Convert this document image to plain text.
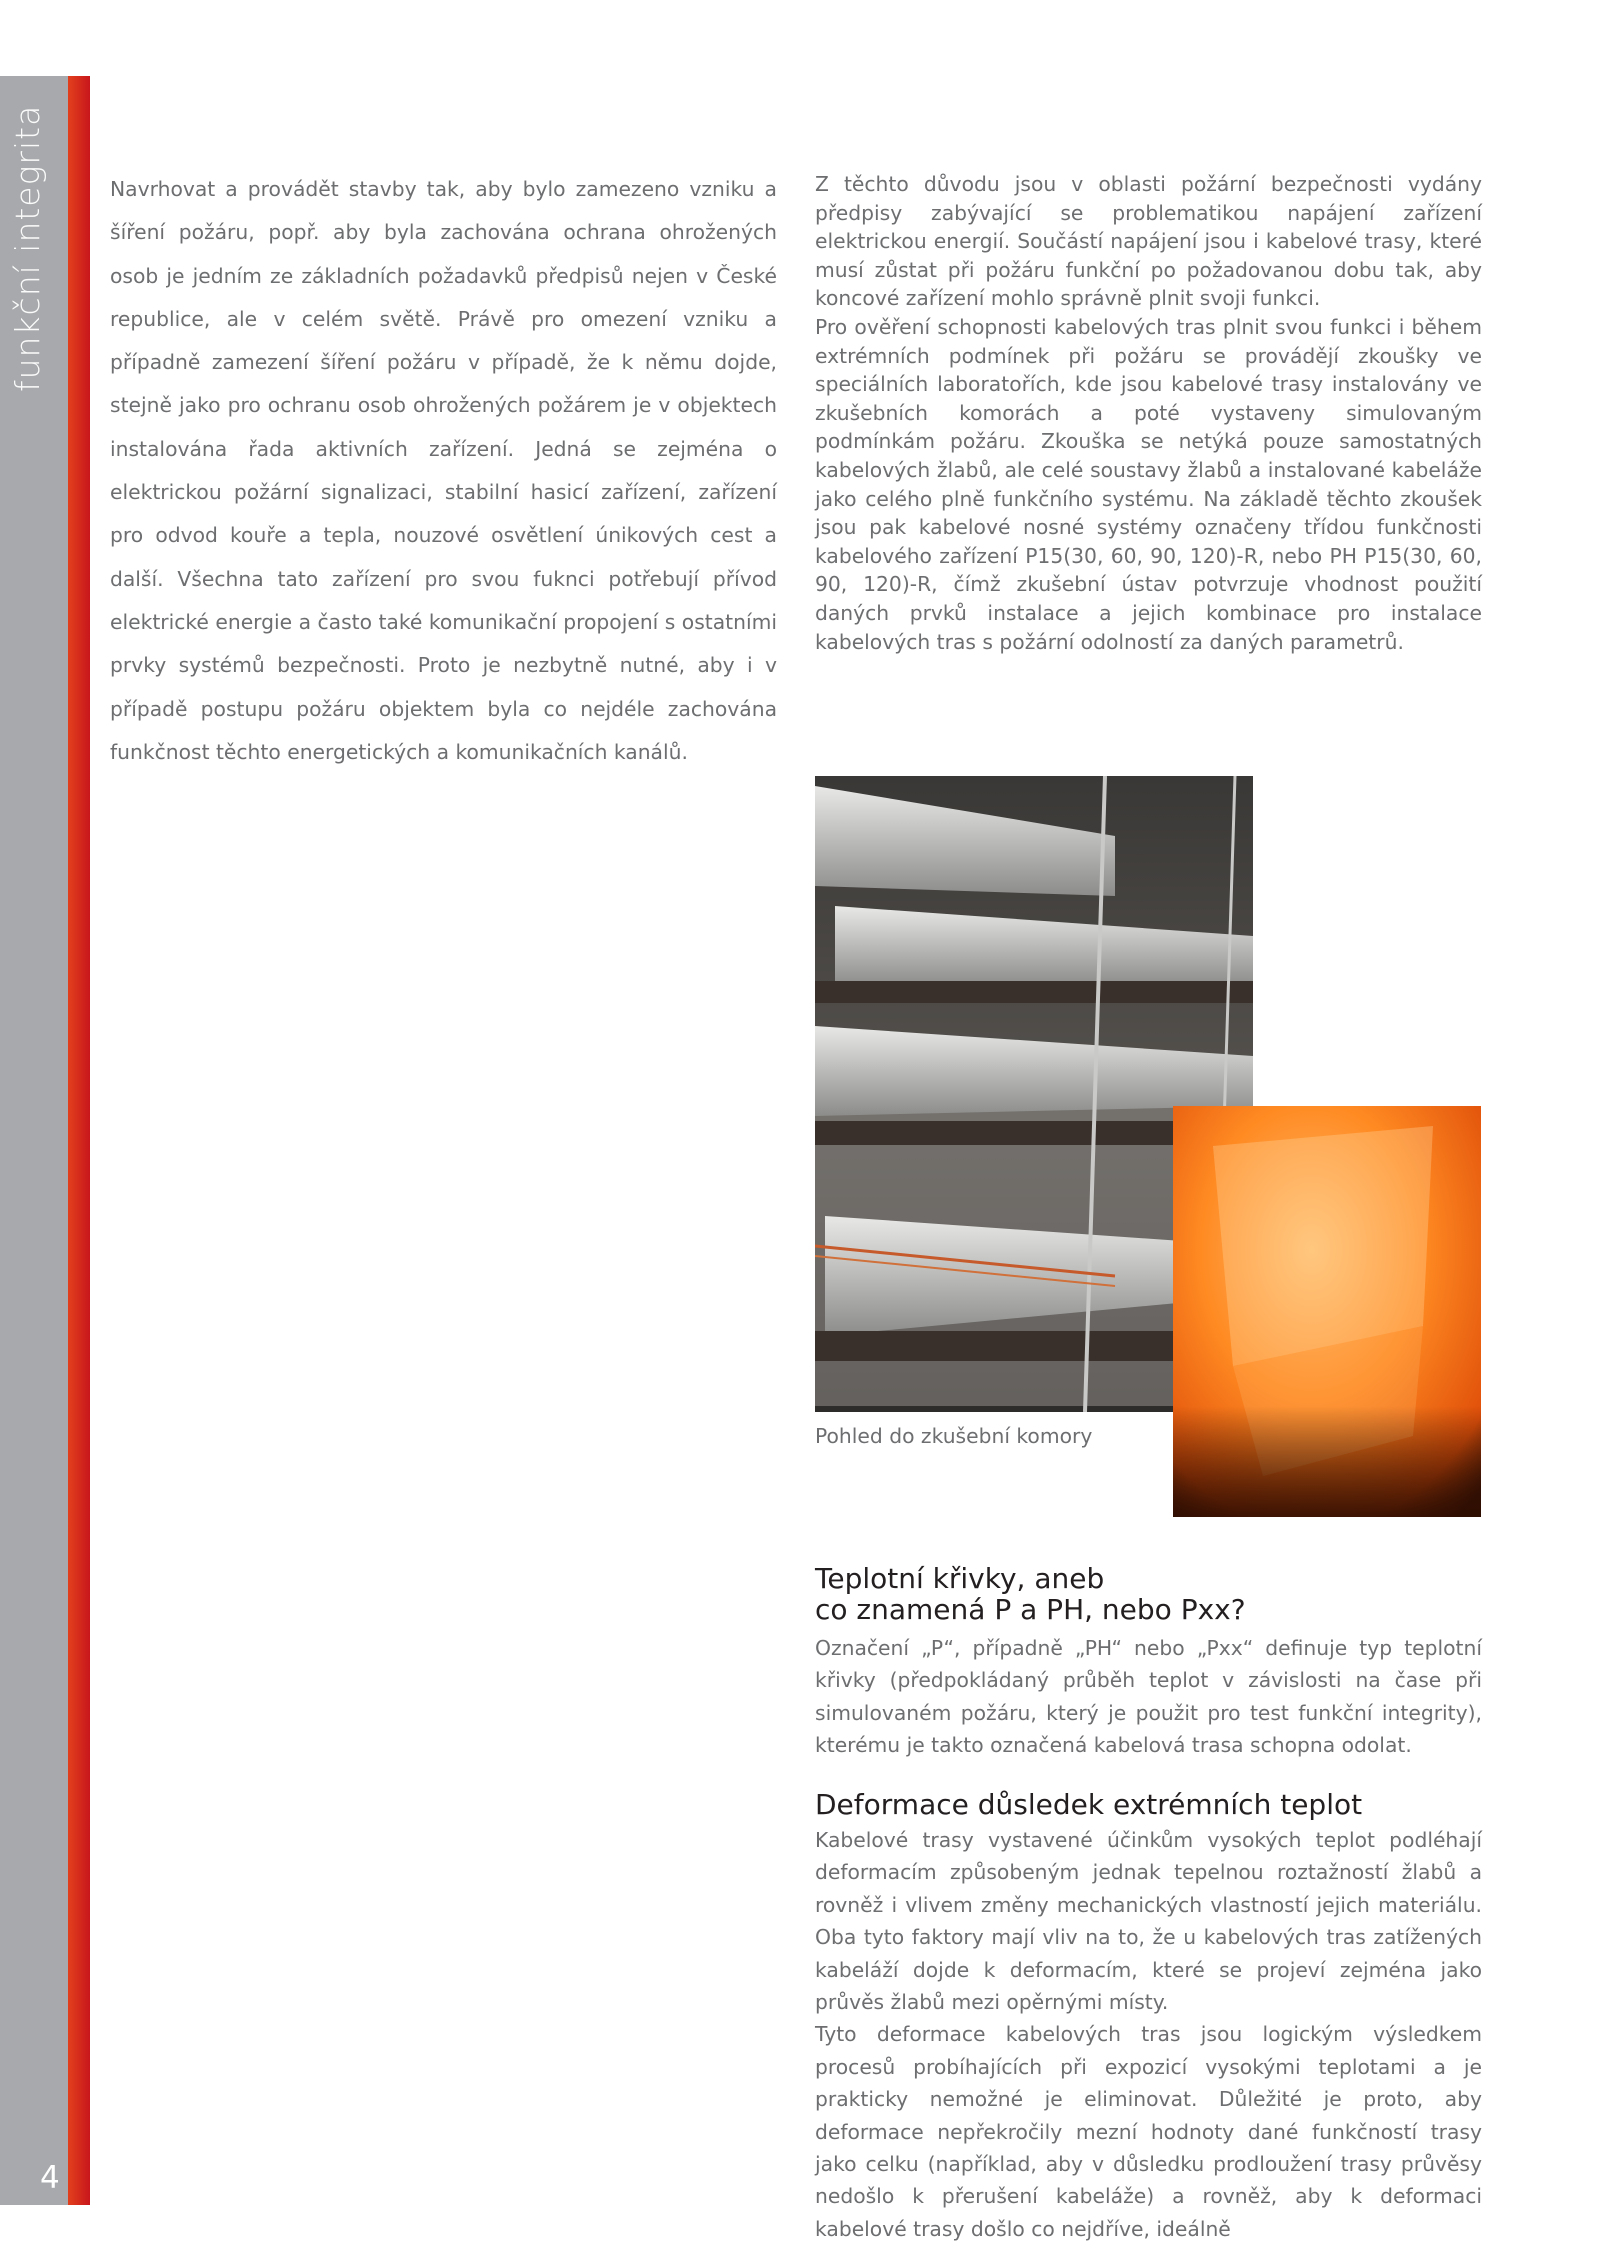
funkční integrita
4
Navrhovat a provádět stavby tak, aby bylo zamezeno vzniku a šíření požáru, popř. aby byla zachována ochrana ohrožených osob je jedním ze základních požadavků předpisů nejen v České republice, ale v celém světě. Právě pro omezení vzniku a případně zamezení šíření požáru v případě, že k němu dojde, stejně jako pro ochranu osob ohrožených požárem je v objektech instalována řada aktivních zařízení. Jedná se zejména o elektrickou požární signalizaci, stabilní hasicí zařízení, zařízení pro odvod kouře a tepla, nouzové osvětlení únikových cest a další. Všechna tato zařízení pro svou fuknci potřebují přívod elektrické energie a často také komunikační propojení s ostatními prvky systémů bezpečnosti. Proto je nezbytně nutné, aby i v případě postupu požáru objektem byla co nejdéle zachována funkčnost těchto energetických a komunikačních kanálů.

Z těchto důvodu jsou v oblasti požární bezpečnosti vydány předpisy zabývající se problematikou napájení zařízení elektrickou energií. Součástí napájení jsou i kabelové trasy, které musí zůstat při požáru funkční po požadovanou dobu tak, aby koncové zařízení mohlo správně plnit svoji funkci.

Pro ověření schopnosti kabelových tras plnit svou funkci i během extrémních podmínek při požáru se provádějí zkoušky ve speciálních laboratořích, kde jsou kabelové trasy instalovány ve zkušebních komorách a poté vystaveny simulovaným podmínkám požáru. Zkouška se netýká pouze samostatných kabelových žlabů, ale celé soustavy žlabů a instalované kabeláže jako celého plně funkčního systému. Na základě těchto zkoušek jsou pak kabelové nosné systémy označeny třídou funkčnosti kabelového zařízení P15(30, 60, 90, 120)-R, nebo PH P15(30, 60, 90, 120)-R, čímž zkušební ústav potvrzuje vhodnost použití daných prvků instalace a jejich kombinace pro instalace kabelových tras s požární odolností za daných parametrů.

Pohled do zkušební komory
Teplotní křivky, aneb
co znamená P a PH, nebo Pxx?

Označení „P“, případně „PH“ nebo „Pxx“ definuje typ teplotní křivky (předpokládaný průběh teplot v závislosti na čase při simulovaném požáru, který je použit pro test funkční integrity), kterému je takto označená kabelová trasa schopna odolat.

Deformace důsledek extrémních teplot

Kabelové trasy vystavené účinkům vysokých teplot podléhají deformacím způsobeným jednak tepelnou roztažností žlabů a rovněž i vlivem změny mechanických vlastností jejich materiálu. Oba tyto faktory mají vliv na to, že u kabelových tras zatížených kabeláží dojde k deformacím, které se projeví zejména jako průvěs žlabů mezi opěrnými místy.

Tyto deformace kabelových tras jsou logickým výsledkem procesů probíhajících při expozicí vysokými teplotami a je prakticky nemožné je eliminovat. Důležité je proto, aby deformace nepřekročily mezní hodnoty dané funkčností trasy jako celku (například, aby v důsledku prodloužení trasy průvěsy nedošlo k přerušení kabeláže) a rovněž, aby k deformaci kabelové trasy došlo co nejdříve, ideálně
